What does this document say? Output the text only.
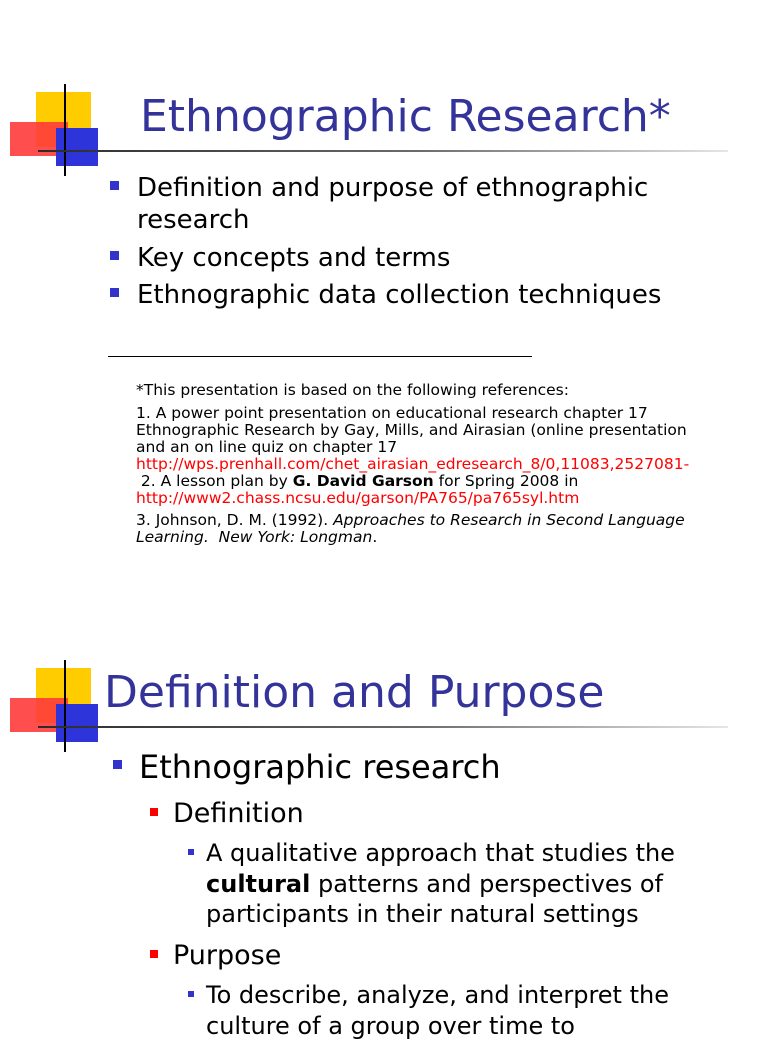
Ethnographic Research*
Definition and purpose of ethnographic
research
Key concepts and terms
Ethnographic data collection techniques

*This presentation is based on the following references:

1. A power point presentation on educational research chapter 17
Ethnographic Research by Gay, Mills, and Airasian (online presentation
and an on line quiz on chapter 17
http://wps.prenhall.com/chet_airasian_edresearch_8/0,11083,2527081-

2. A lesson plan by G. David Garson for Spring 2008 in
http://www2.chass.ncsu.edu/garson/PA765/pa765syl.htm

3. Johnson, D. M. (1992). Approaches to Research in Second Language
Learning.  New York: Longman.

Definition and Purpose
Ethnographic research
Definition
A qualitative approach that studies the
cultural patterns and perspectives of
participants in their natural settings
Purpose
To describe, analyze, and interpret the
culture of a group over time to
